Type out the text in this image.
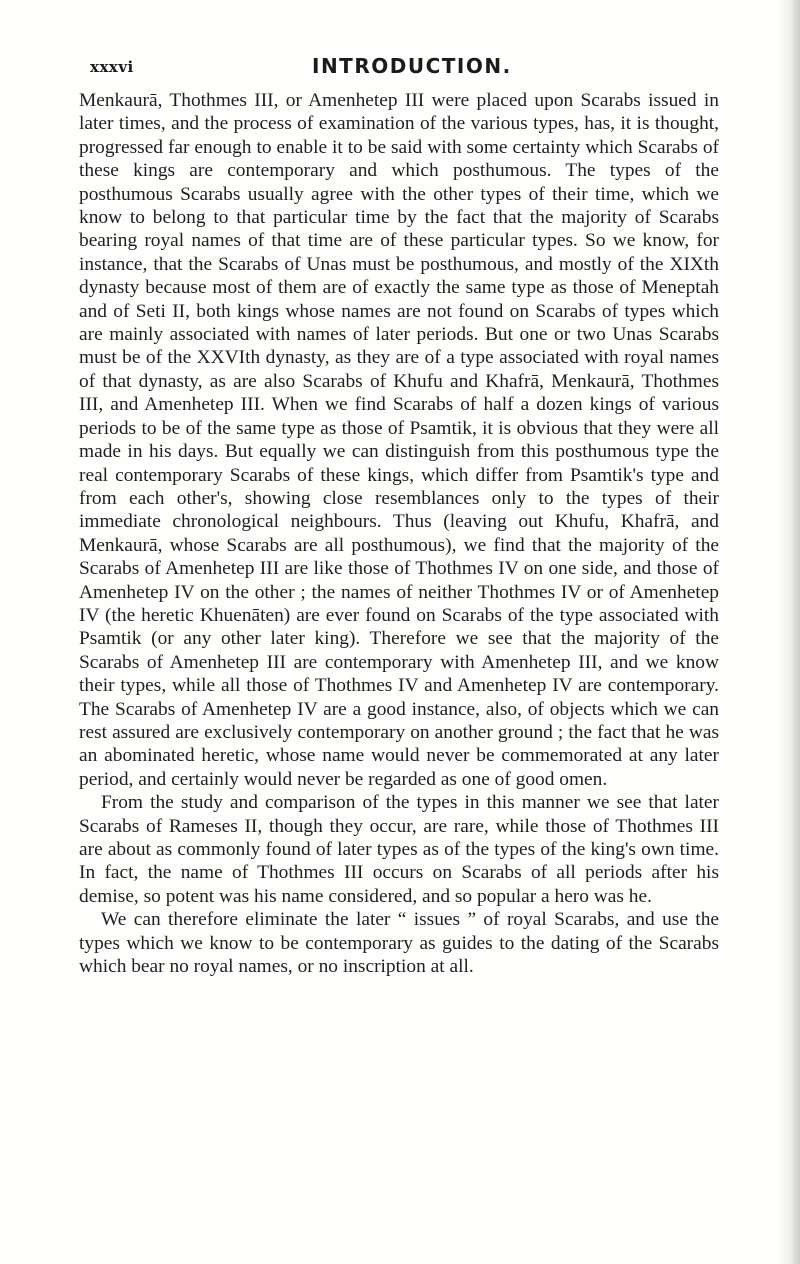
xxxvi	INTRODUCTION.

Menkaurā, Thothmes III, or Amenhetep III were placed upon Scarabs issued in later times, and the process of examination of the various types, has, it is thought, progressed far enough to enable it to be said with some certainty which Scarabs of these kings are contemporary and which posthumous. The types of the posthumous Scarabs usually agree with the other types of their time, which we know to belong to that particular time by the fact that the majority of Scarabs bearing royal names of that time are of these particular types. So we know, for instance, that the Scarabs of Unas must be posthumous, and mostly of the XIXth dynasty because most of them are of exactly the same type as those of Meneptah and of Seti II, both kings whose names are not found on Scarabs of types which are mainly associated with names of later periods. But one or two Unas Scarabs must be of the XXVIth dynasty, as they are of a type associated with royal names of that dynasty, as are also Scarabs of Khufu and Khafrā, Menkaurā, Thothmes III, and Amenhetep III. When we find Scarabs of half a dozen kings of various periods to be of the same type as those of Psamtik, it is obvious that they were all made in his days. But equally we can distinguish from this posthumous type the real contemporary Scarabs of these kings, which differ from Psamtik's type and from each other's, showing close resemblances only to the types of their immediate chronological neighbours. Thus (leaving out Khufu, Khafrā, and Menkaurā, whose Scarabs are all posthumous), we find that the majority of the Scarabs of Amenhetep III are like those of Thothmes IV on one side, and those of Amenhetep IV on the other ; the names of neither Thothmes IV or of Amenhetep IV (the heretic Khuenāten) are ever found on Scarabs of the type associated with Psamtik (or any other later king). Therefore we see that the majority of the Scarabs of Amenhetep III are contemporary with Amenhetep III, and we know their types, while all those of Thothmes IV and Amenhetep IV are contemporary. The Scarabs of Amenhetep IV are a good instance, also, of objects which we can rest assured are exclusively contemporary on another ground ; the fact that he was an abominated heretic, whose name would never be commemorated at any later period, and certainly would never be regarded as one of good omen.

From the study and comparison of the types in this manner we see that later Scarabs of Rameses II, though they occur, are rare, while those of Thothmes III are about as commonly found of later types as of the types of the king's own time. In fact, the name of Thothmes III occurs on Scarabs of all periods after his demise, so potent was his name considered, and so popular a hero was he.

We can therefore eliminate the later “ issues ” of royal Scarabs, and use the types which we know to be contemporary as guides to the dating of the Scarabs which bear no royal names, or no inscription at all.
